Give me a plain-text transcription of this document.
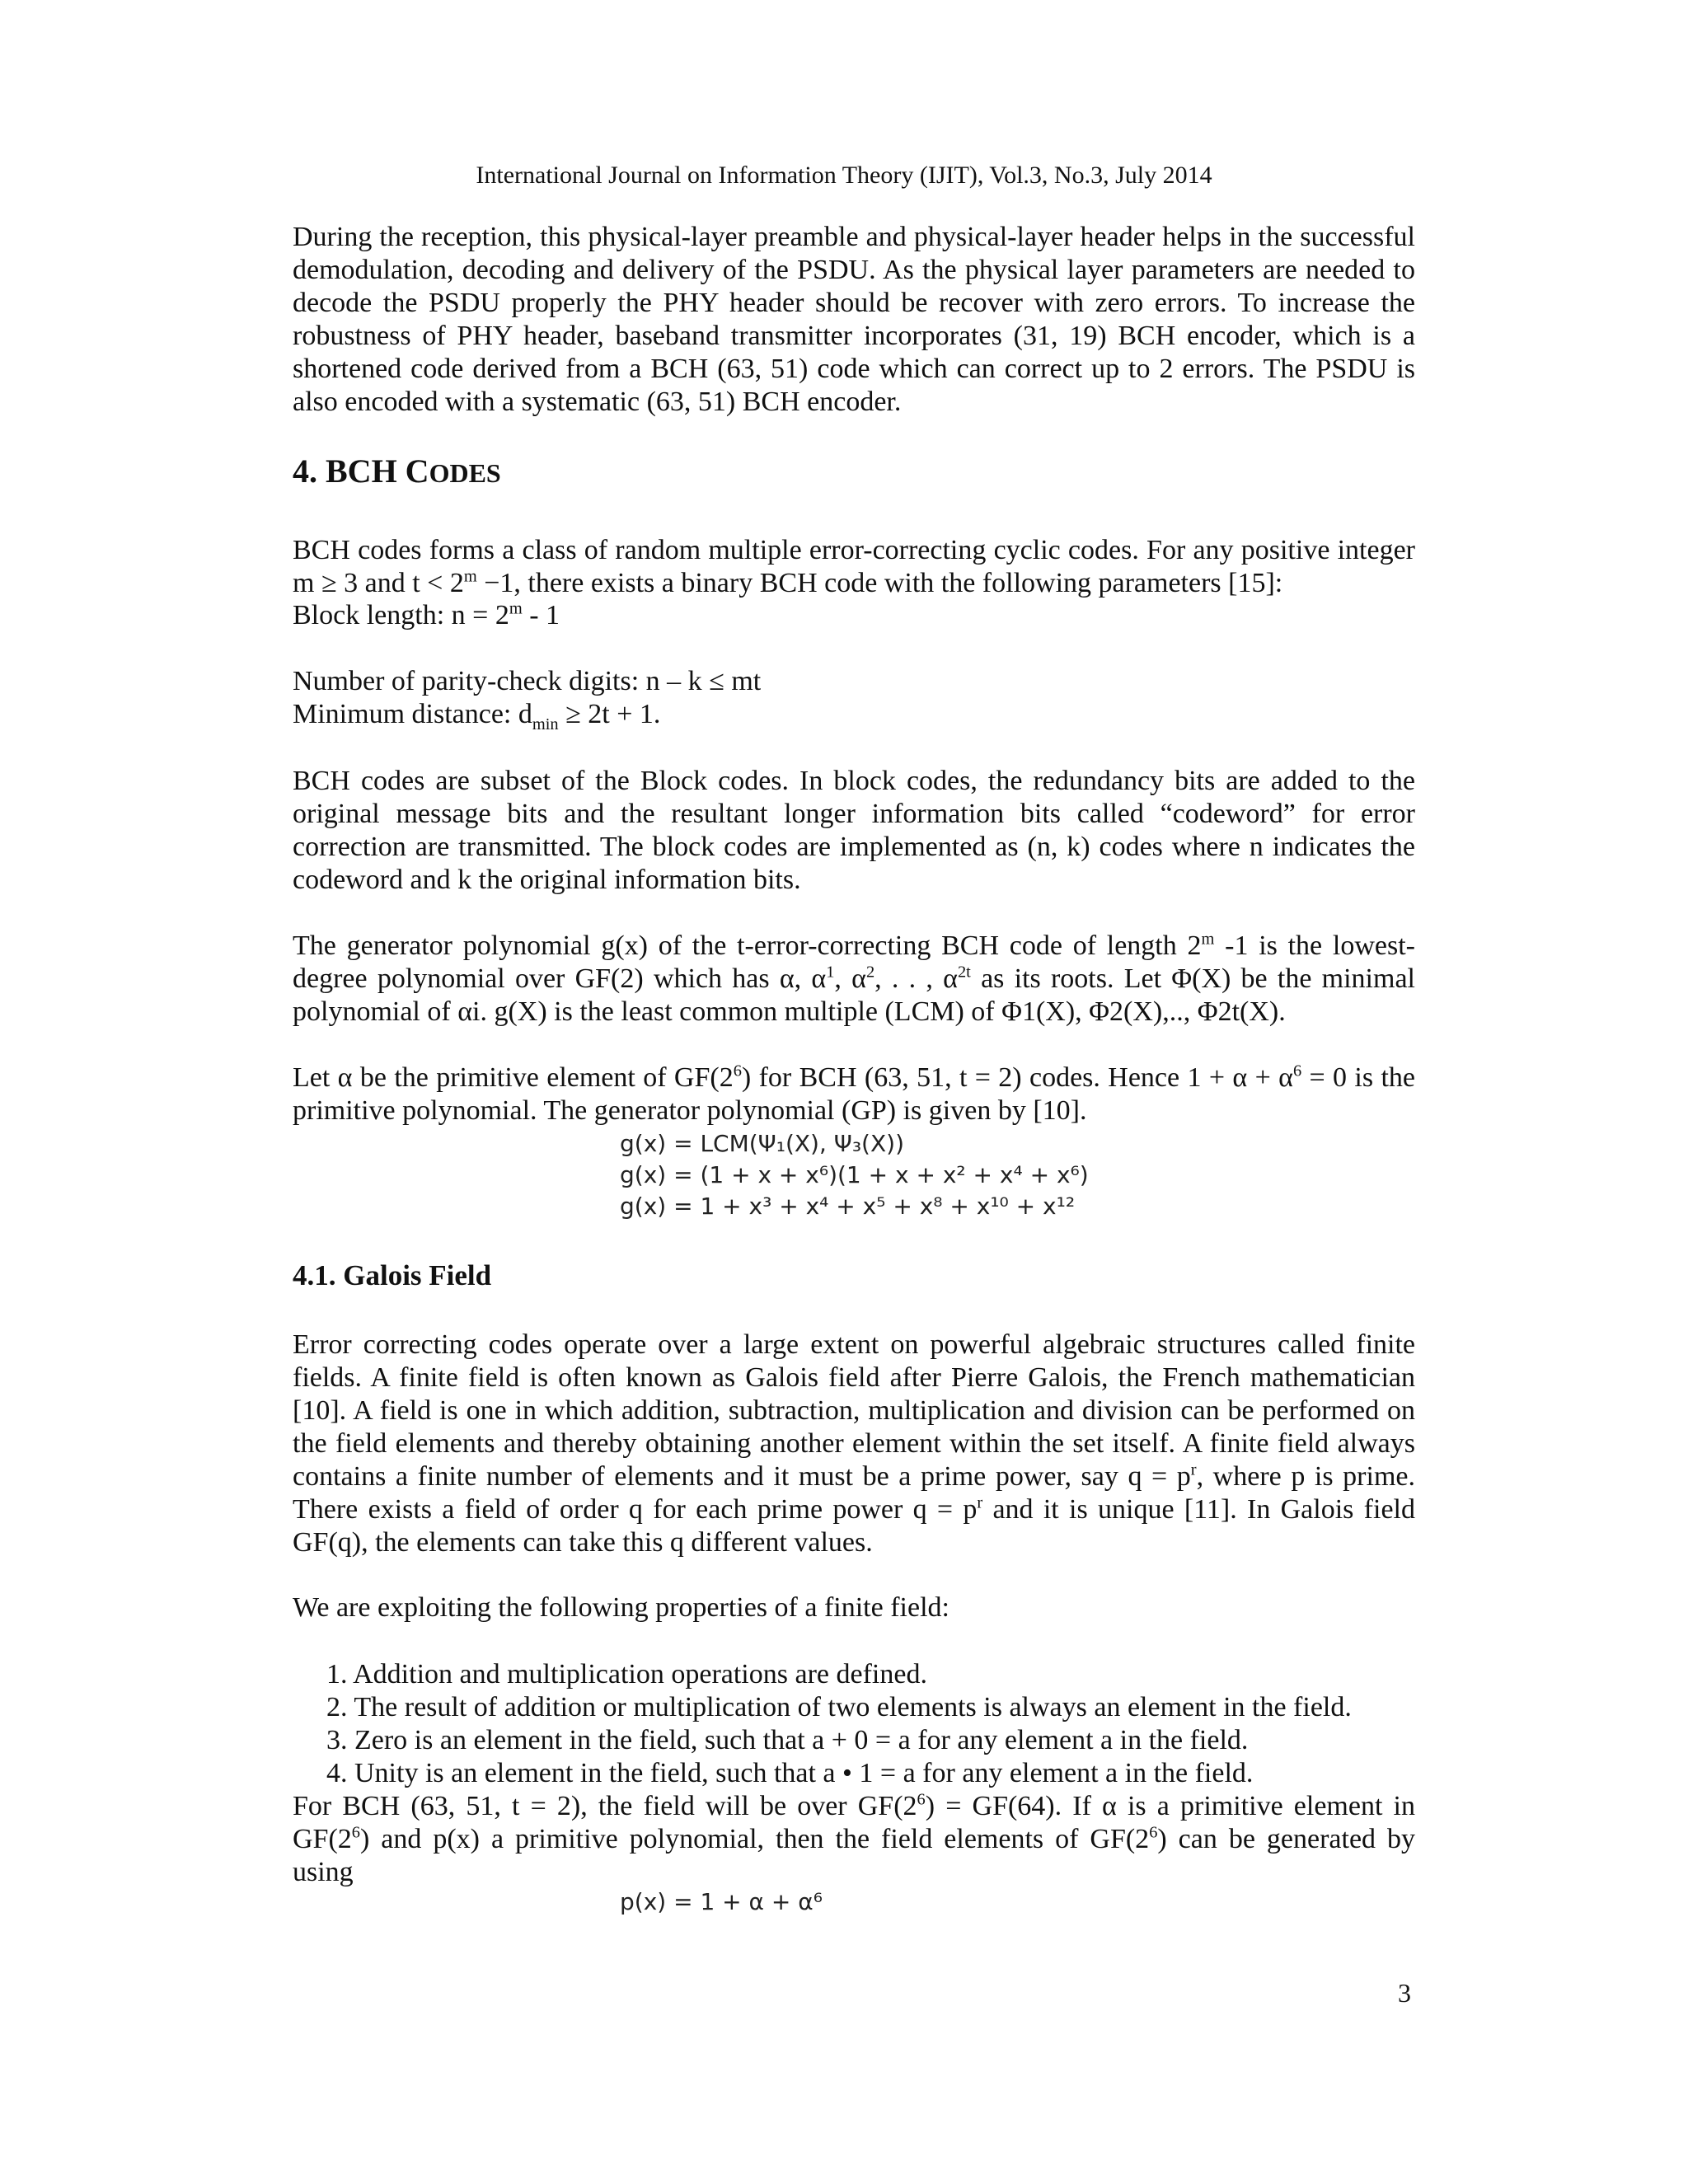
International Journal on Information Theory (IJIT), Vol.3, No.3, July 2014

During the reception, this physical-layer preamble and physical-layer header helps in the successful demodulation, decoding and delivery of the PSDU. As the physical layer parameters are needed to decode the PSDU properly the PHY header should be recover with zero errors. To increase the robustness of PHY header, baseband transmitter incorporates (31, 19) BCH encoder, which is a shortened code derived from a BCH (63, 51) code which can correct up to 2 errors. The PSDU is also encoded with a systematic (63, 51) BCH encoder.

4. BCH CODES

BCH codes forms a class of random multiple error-correcting cyclic codes. For any positive integer m ≥ 3 and $t < 2^m -1$, there exists a binary BCH code with the following parameters [15]:

Block length: $n = 2^m - 1$
Number of parity-check digits: n – k ≤ mt
Minimum distance: $d_{min} \ge 2t + 1$.

BCH codes are subset of the Block codes. In block codes, the redundancy bits are added to the original message bits and the resultant longer information bits called “codeword” for error correction are transmitted. The block codes are implemented as (n, k) codes where n indicates the codeword and k the original information bits.

The generator polynomial g(x) of the t-error-correcting BCH code of length 2$^m$ -1 is the lowest-degree polynomial over GF(2) which has α, $\alpha^1$, $\alpha^2$, . . , $\alpha^{2t}$ as its roots. Let Φ(X) be the minimal polynomial of αi. g(X) is the least common multiple (LCM) of Φ1(X), Φ2(X),.., Φ2t(X).

Let α be the primitive element of $GF(2^6)$ for BCH (63, 51, t = 2) codes. Hence $1 + \alpha + \alpha^6 = 0$ is the primitive polynomial. The generator polynomial (GP) is given by [10].

g(x) = LCM(Ψ₁(X), Ψ₃(X))
g(x) = (1 + x + x⁶)(1 + x + x² + x⁴ + x⁶)
g(x) = 1 + x³ + x⁴ + x⁵ + x⁸ + x¹⁰ + x¹²
4.1. Galois Field

Error correcting codes operate over a large extent on powerful algebraic structures called finite fields. A finite field is often known as Galois field after Pierre Galois, the French mathematician [10]. A field is one in which addition, subtraction, multiplication and division can be performed on the field elements and thereby obtaining another element within the set itself. A finite field always contains a finite number of elements and it must be a prime power, say $q = p^r$, where p is prime. There exists a field of order q for each prime power $q = p^r$ and it is unique [11]. In Galois field GF(q), the elements can take this q different values.

We are exploiting the following properties of a finite field:
1. Addition and multiplication operations are defined.
2. The result of addition or multiplication of two elements is always an element in the field.
3. Zero is an element in the field, such that a + 0 = a for any element a in the field.
4. Unity is an element in the field, such that a • 1 = a for any element a in the field.

For BCH (63, 51, t = 2), the field will be over $GF(2^6) = GF(64)$. If α is a primitive element in $GF(2^6)$ and p(x) a primitive polynomial, then the field elements of $GF(2^6)$ can be generated by using

p(x) = 1 + α + α⁶
3
